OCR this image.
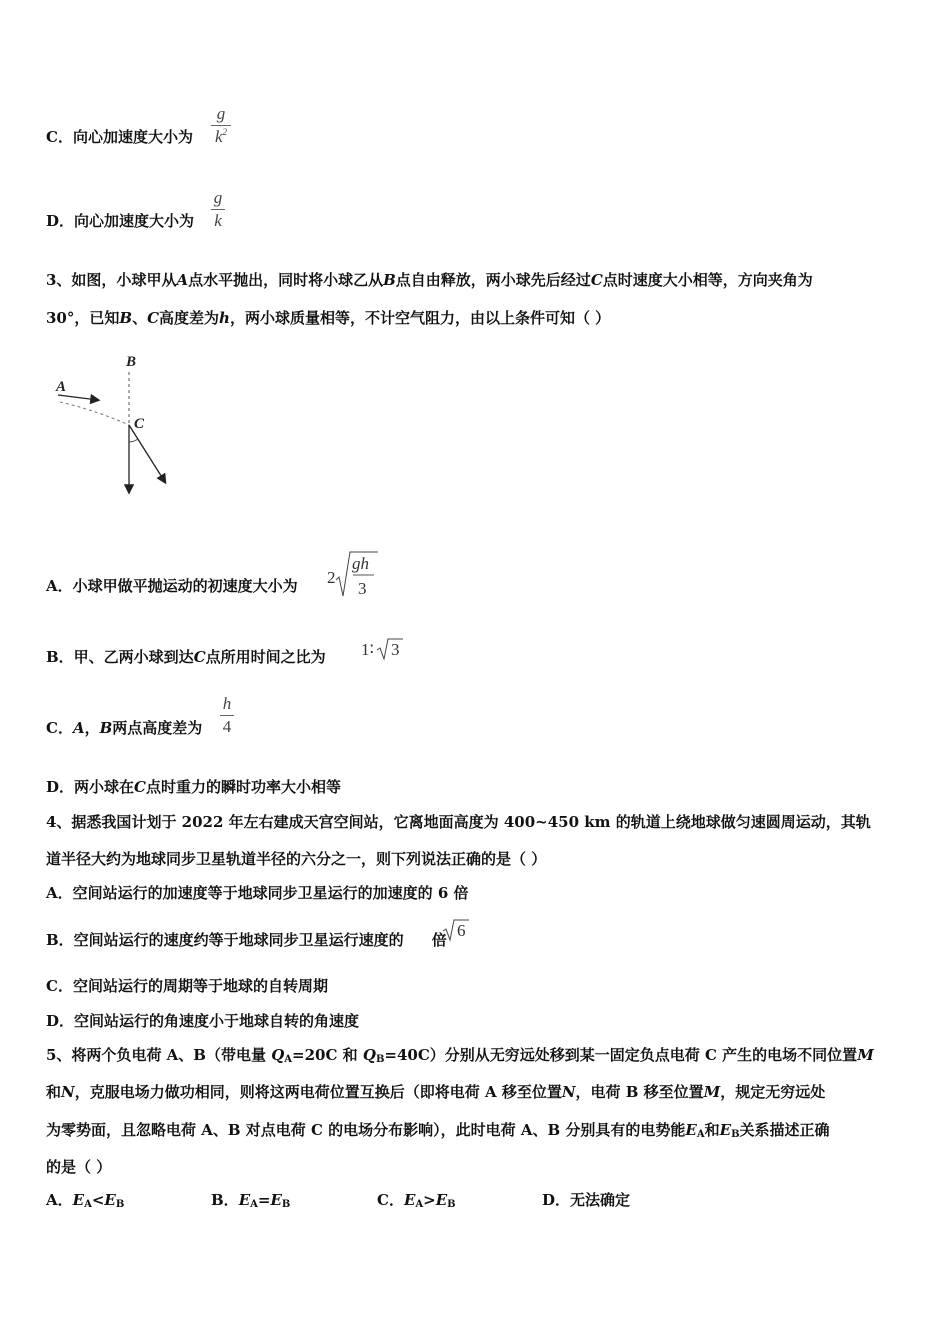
C．向心加速度大小为
g
$k^2$
D．向心加速度大小为
g
k
3、如图，小球甲从A点水平抛出，同时将小球乙从B点自由释放，两小球先后经过C点时速度大小相等，方向夹角为
30°，已知B、C高度差为h，两小球质量相等，不计空气阻力，由以上条件可知（ ）
B
A
C
A．小球甲做平抛运动的初速度大小为 2
gh
3
B．甲、乙两小球到达C点所用时间之比为 1∶ 3
C．A，B两点高度差为
h
4
D．两小球在C点时重力的瞬时功率大小相等
4、据悉我国计划于 2022 年左右建成天宫空间站，它离地面高度为 400~450 km 的轨道上绕地球做匀速圆周运动，其轨
道半径大约为地球同步卫星轨道半径的六分之一，则下列说法正确的是（ ）
A．空间站运行的加速度等于地球同步卫星运行的加速度的 6 倍
B．空间站运行的速度约等于地球同步卫星运行速度的 倍 6
C．空间站运行的周期等于地球的自转周期
D．空间站运行的角速度小于地球自转的角速度
5、将两个负电荷 A、B（带电量 $Q_A=20C$ 和 $Q_B=40C$）分别从无穷远处移到某一固定负点电荷 C 产生的电场不同位置M
和N，克服电场力做功相同，则将这两电荷位置互换后（即将电荷 A 移至位置N，电荷 B 移至位置M，规定无穷远处
为零势面，且忽略电荷 A、B 对点电荷 C 的电场分布影响），此时电荷 A、B 分别具有的电势能$E_A$和$E_B$关系描述正确
的是（ ）
A．$E_A<E_B$	B．$E_A=E_B$	C．$E_A>E_B$	D．无法确定
